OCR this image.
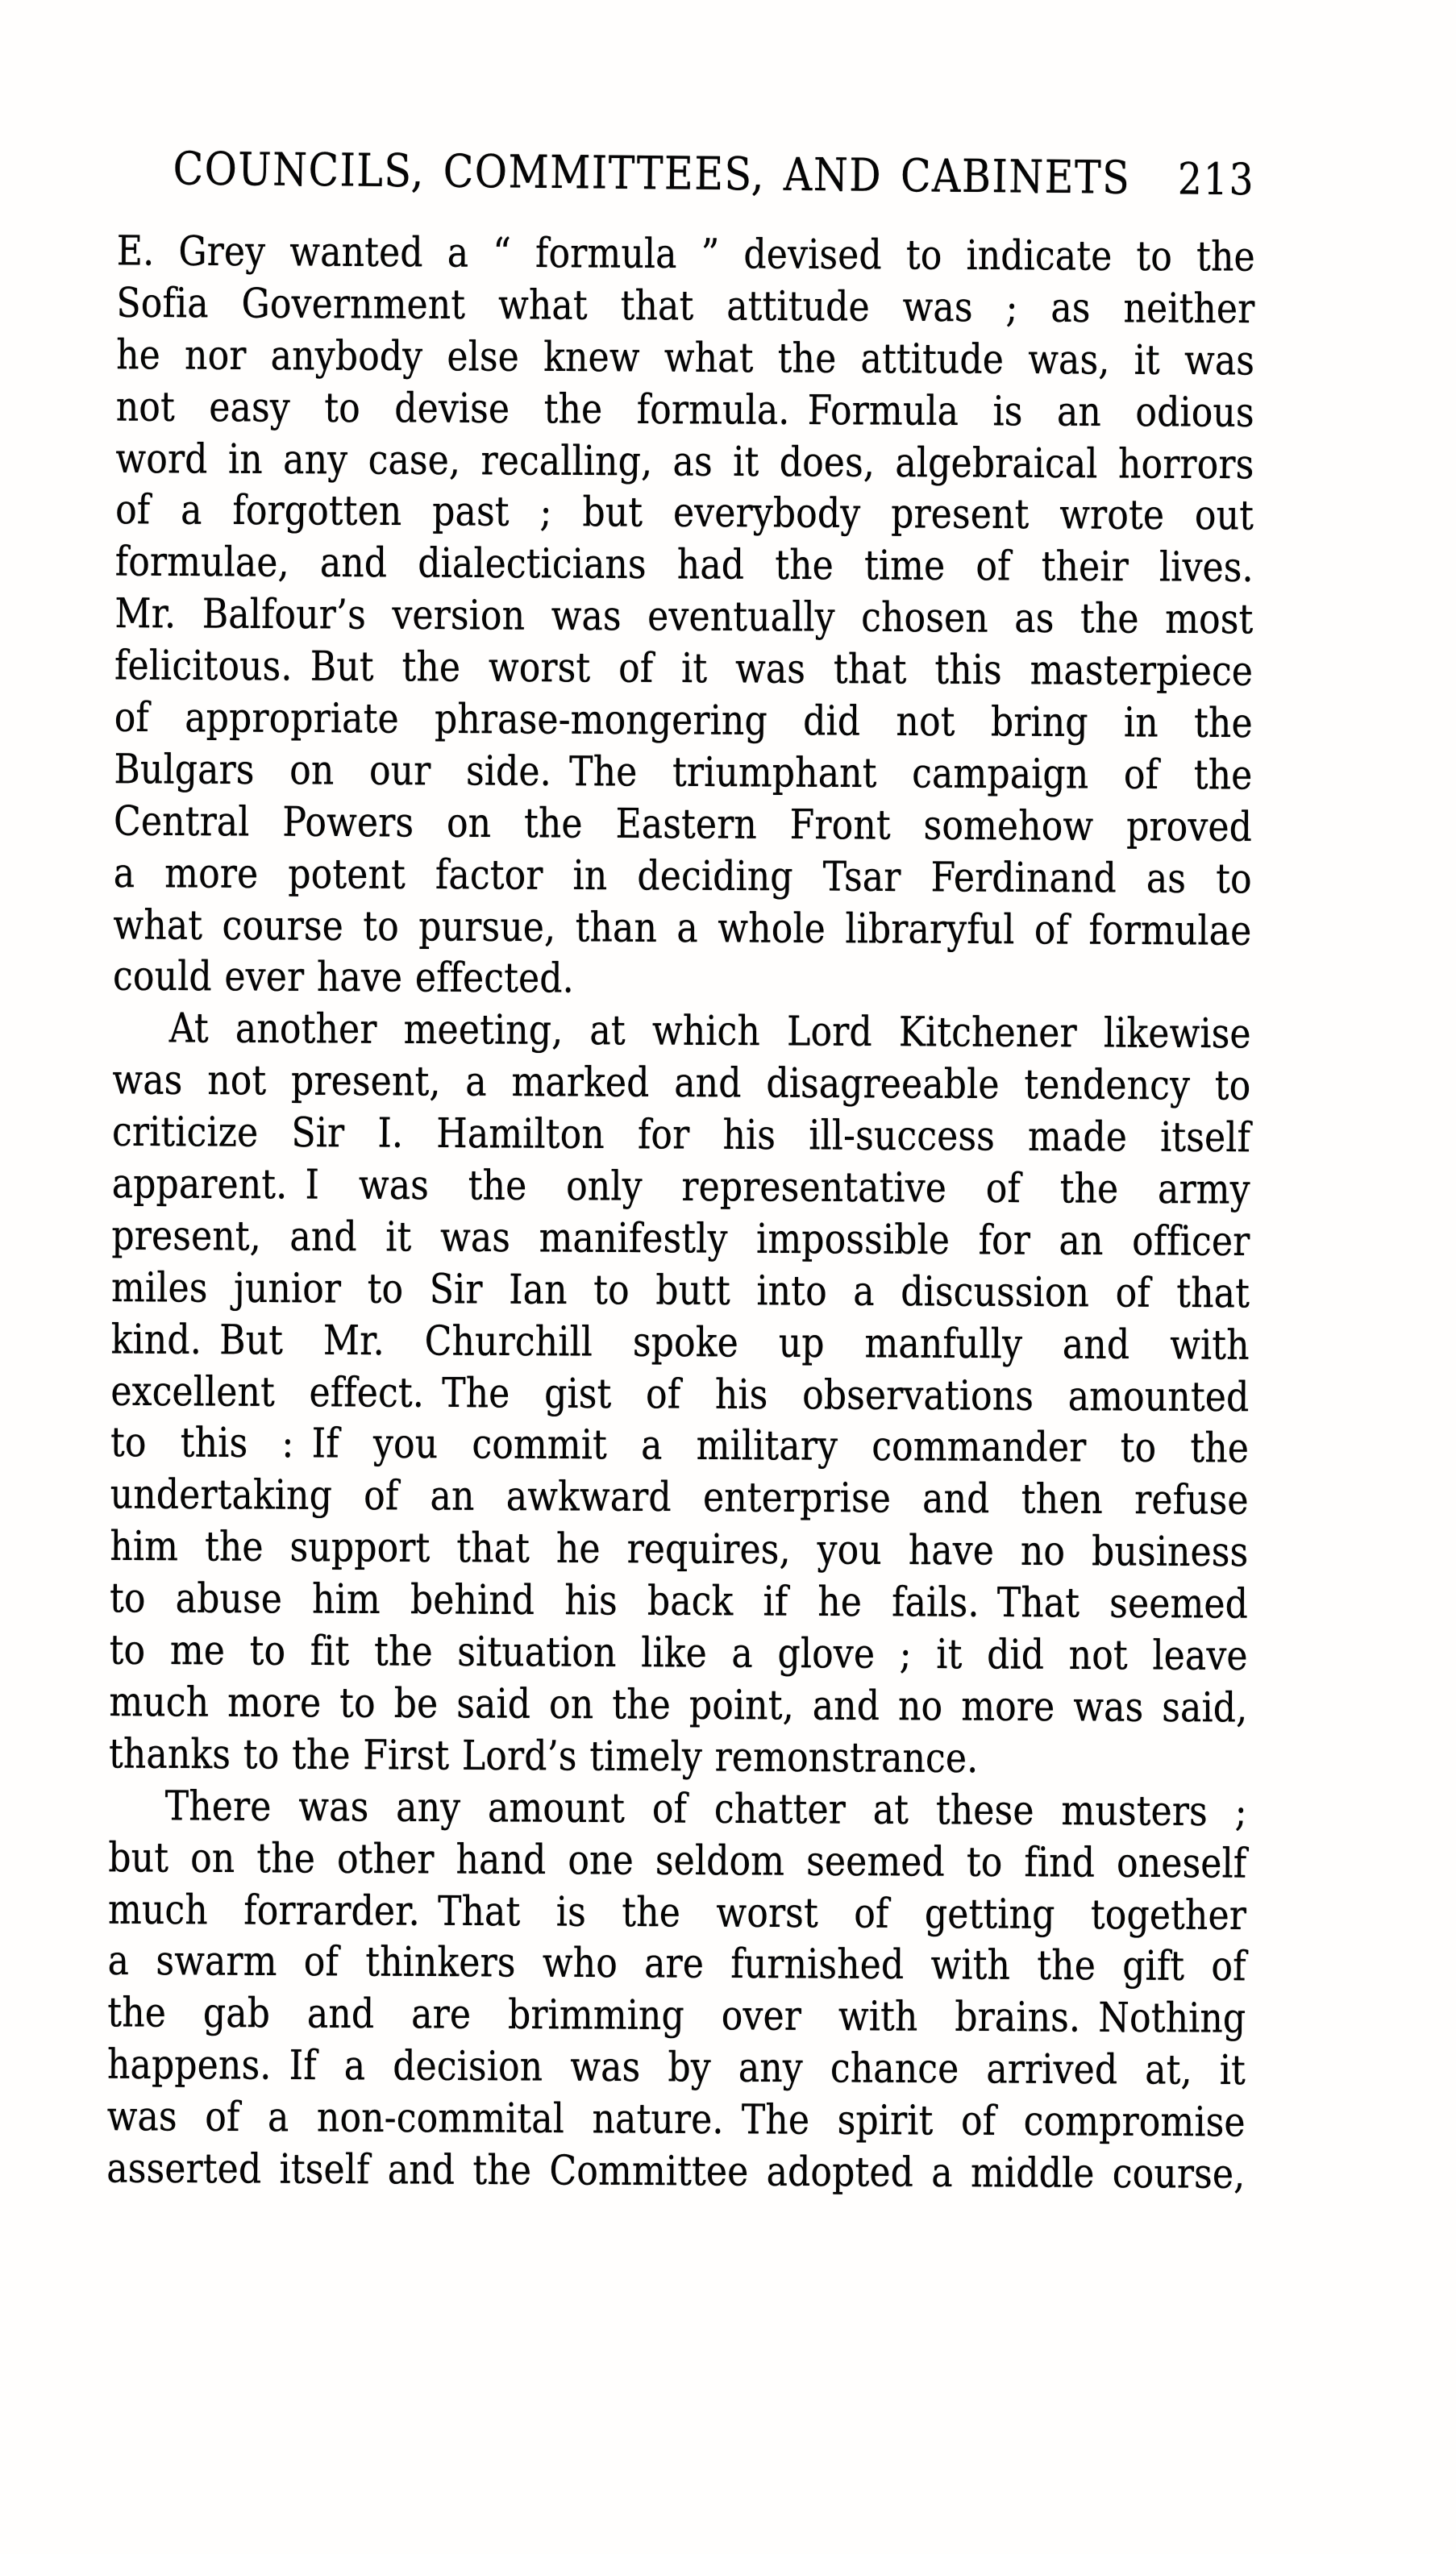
COUNCILS, COMMITTEES, AND CABINETS 213
E. Grey wanted a “ formula ” devised to indicate to the
Sofia Government what that attitude was ; as neither
he nor anybody else knew what the attitude was, it was
not easy to devise the formula. Formula is an odious
word in any case, recalling, as it does, algebraical horrors
of a forgotten past ; but everybody present wrote out
formulae, and dialecticians had the time of their lives.
Mr. Balfour’s version was eventually chosen as the most
felicitous. But the worst of it was that this masterpiece
of appropriate phrase-mongering did not bring in the
Bulgars on our side. The triumphant campaign of the
Central Powers on the Eastern Front somehow proved
a more potent factor in deciding Tsar Ferdinand as to
what course to pursue, than a whole libraryful of formulae
could ever have effected.
At another meeting, at which Lord Kitchener likewise
was not present, a marked and disagreeable tendency to
criticize Sir I. Hamilton for his ill-success made itself
apparent. I was the only representative of the army
present, and it was manifestly impossible for an officer
miles junior to Sir Ian to butt into a discussion of that
kind. But Mr. Churchill spoke up manfully and with
excellent effect. The gist of his observations amounted
to this : If you commit a military commander to the
undertaking of an awkward enterprise and then refuse
him the support that he requires, you have no business
to abuse him behind his back if he fails. That seemed
to me to fit the situation like a glove ; it did not leave
much more to be said on the point, and no more was said,
thanks to the First Lord’s timely remonstrance.
There was any amount of chatter at these musters ;
but on the other hand one seldom seemed to find oneself
much forrarder. That is the worst of getting together
a swarm of thinkers who are furnished with the gift of
the gab and are brimming over with brains. Nothing
happens. If a decision was by any chance arrived at, it
was of a non-commital nature. The spirit of compromise
asserted itself and the Committee adopted a middle course,
